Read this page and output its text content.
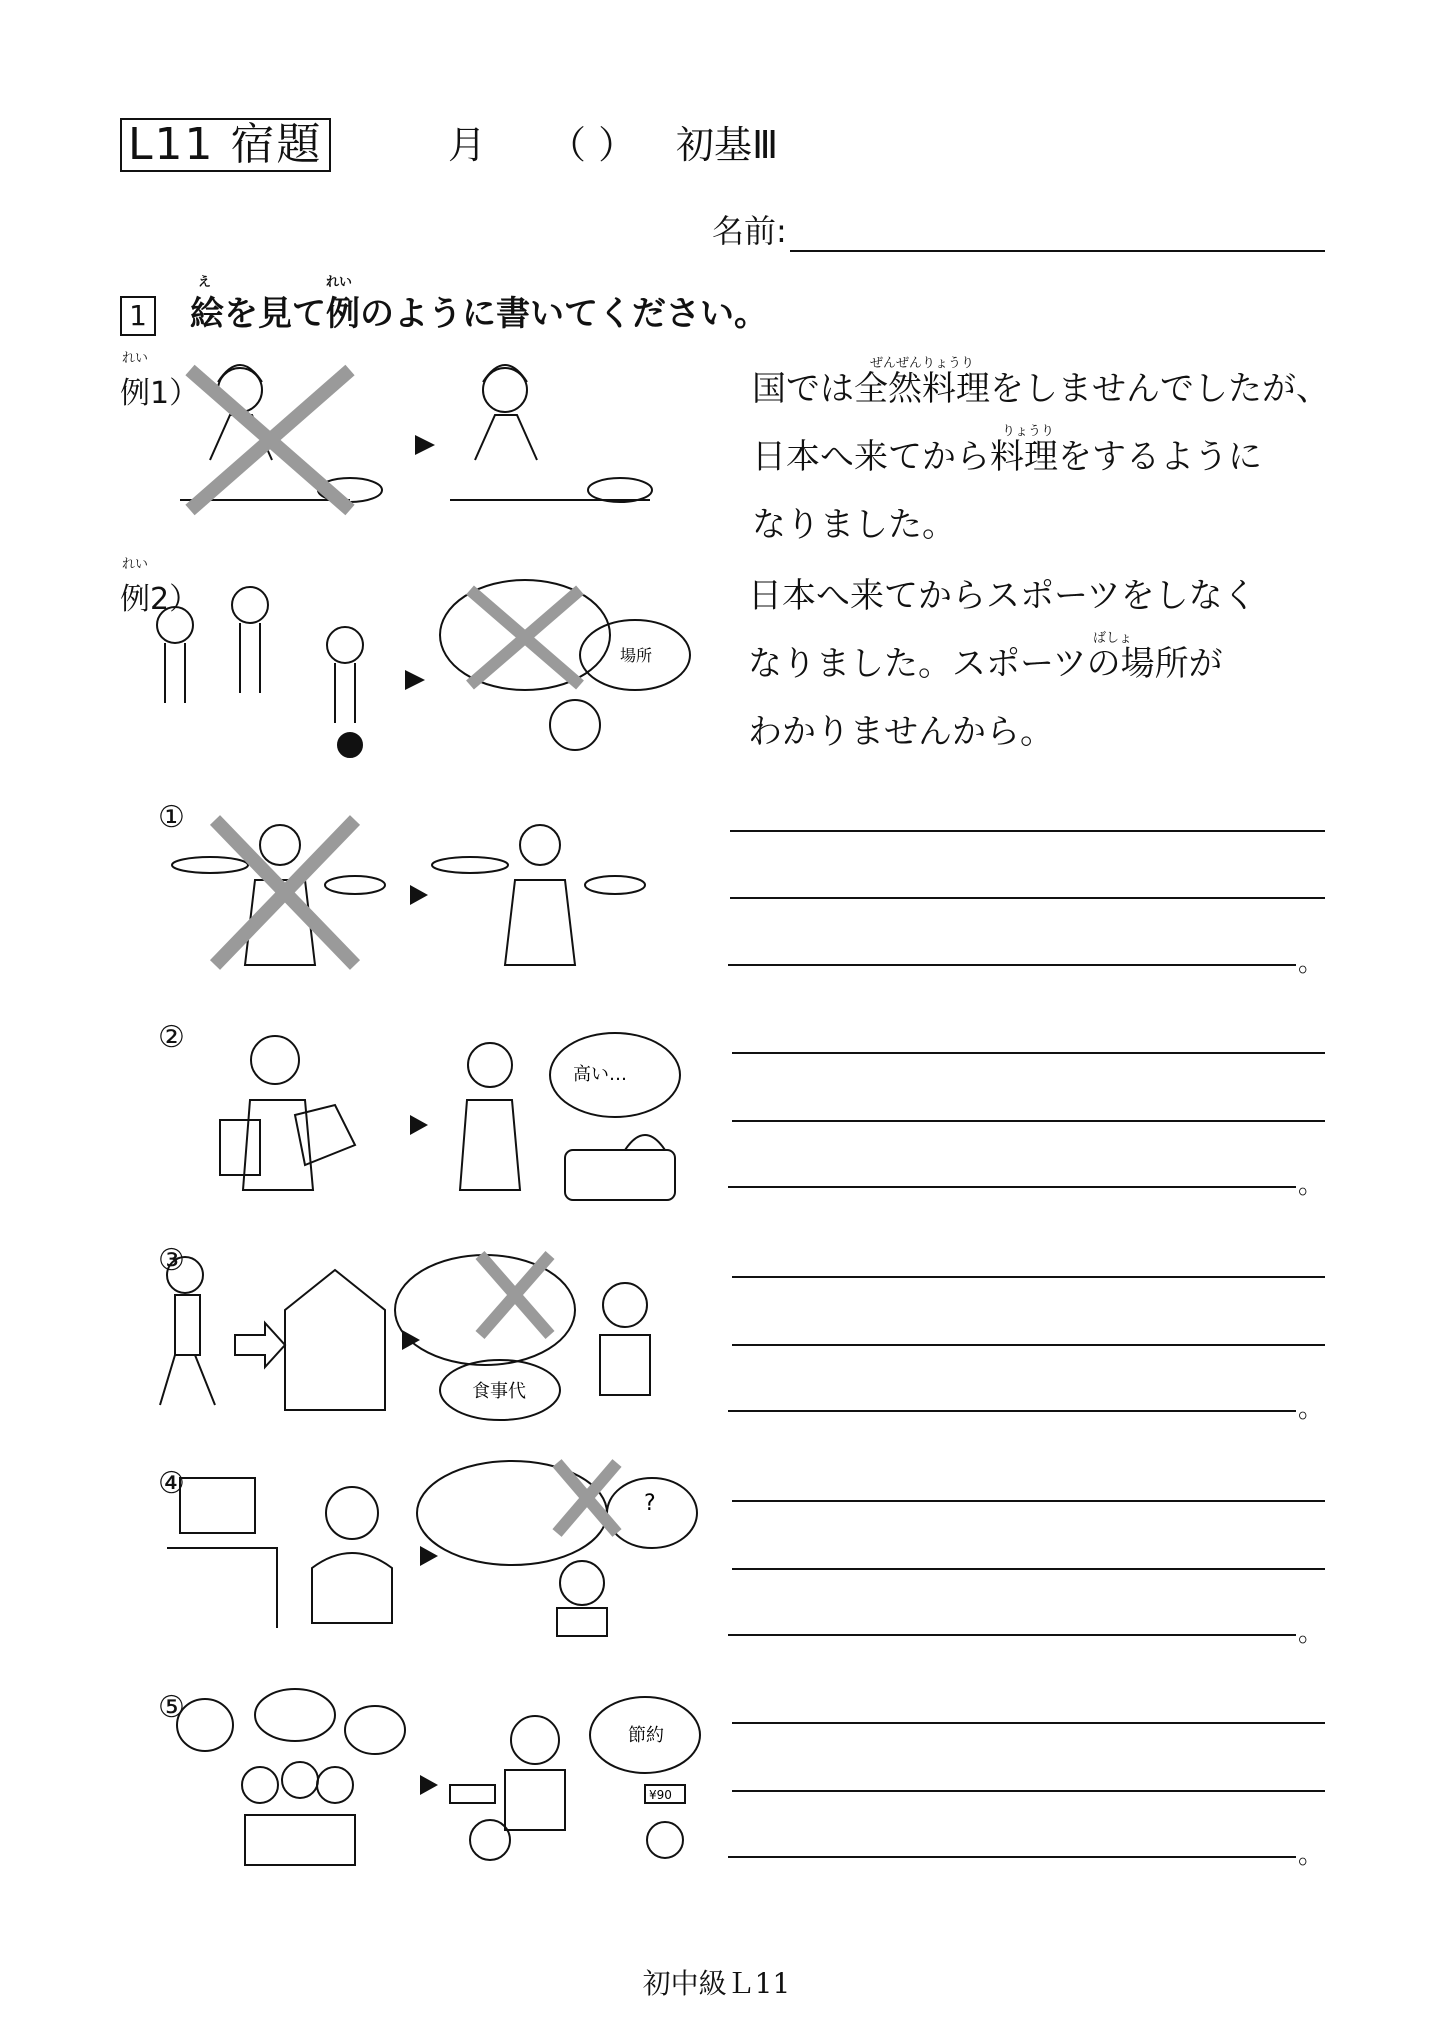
L11 宿題	月 （ ） 初基Ⅲ
名前:
1
え	れい
絵を見て例のように書いてください。
れい
例1）
ぜんぜんりょうり
りょうり
国では全然料理をしませんでしたが、
日本へ来てから料理をするように
なりました。
れい
例2）
場所
ばしょ
日本へ来てからスポーツをしなく
なりました。スポーツの場所が
わかりませんから。
①
。
②
高い…
。
③
食事代
。
④
?
。
⑤
節約
¥90
。
初中級Ｌ11
